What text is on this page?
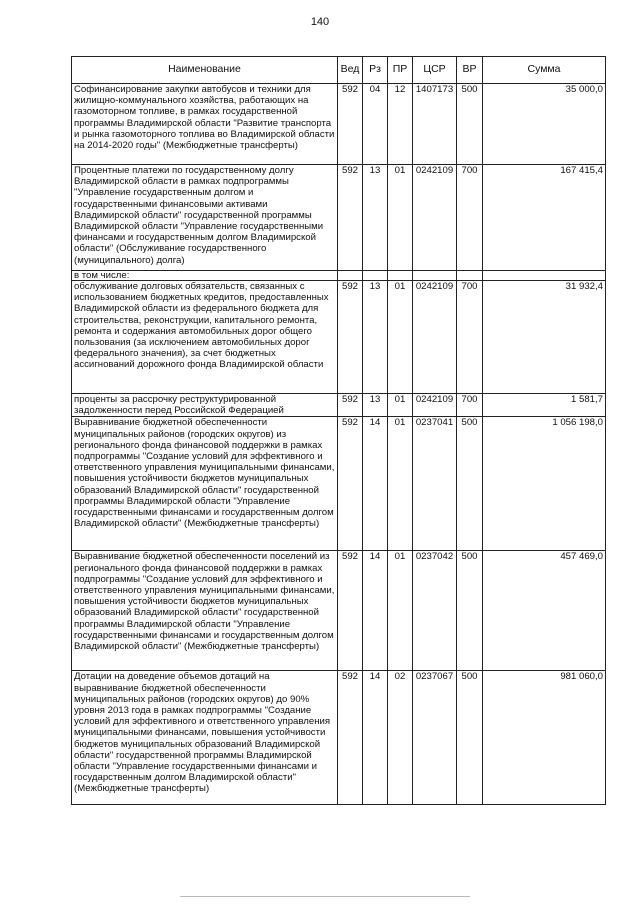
140
Наименование	Вед	Рз	ПР	ЦСР	ВР	Сумма
Софинансирование закупки автобусов и техники для жилищно-коммунального хозяйства, работающих на газомоторном топливе, в рамках государственной программы Владимирской области "Развитие транспорта и рынка газомоторного топлива во Владимирской области на 2014-2020 годы" (Межбюджетные трансферты)	592	04	12	1407173	500	35 000,0
Процентные платежи по государственному долгу Владимирской области в рамках подпрограммы "Управление государственным долгом и государственными финансовыми активами Владимирской области" государственной программы Владимирской области "Управление государственными финансами и государственным долгом Владимирской области" (Обслуживание государственного (муниципального) долга)	592	13	01	0242109	700	167 415,4
в том числе:						
обслуживание долговых обязательств, связанных с использованием бюджетных кредитов, предоставленных Владимирской области из федерального бюджета для строительства, реконструкции, капитального ремонта, ремонта и содержания автомобильных дорог общего пользования (за исключением автомобильных дорог федерального значения), за счет бюджетных ассигнований дорожного фонда Владимирской области	592	13	01	0242109	700	31 932,4
проценты за рассрочку реструктурированной задолженности перед Российской Федерацией	592	13	01	0242109	700	1 581,7
Выравнивание бюджетной обеспеченности муниципальных районов (городских округов) из регионального фонда финансовой поддержки в рамках подпрограммы "Создание условий для эффективного и ответственного управления муниципальными финансами, повышения устойчивости бюджетов муниципальных образований Владимирской области" государственной программы Владимирской области "Управление государственными финансами и государственным долгом Владимирской области" (Межбюджетные трансферты)	592	14	01	0237041	500	1 056 198,0
Выравнивание бюджетной обеспеченности поселений из регионального фонда финансовой поддержки в рамках подпрограммы "Создание условий для эффективного и ответственного управления муниципальными финансами, повышения устойчивости бюджетов муниципальных образований Владимирской области" государственной программы Владимирской области "Управление государственными финансами и государственным долгом Владимирской области" (Межбюджетные трансферты)	592	14	01	0237042	500	457 469,0
Дотации на доведение объемов дотаций на выравнивание бюджетной обеспеченности муниципальных районов (городских округов) до 90% уровня 2013 года в рамках подпрограммы "Создание условий для эффективного и ответственного управления муниципальными финансами, повышения устойчивости бюджетов муниципальных образований Владимирской области" государственной программы Владимирской области "Управление государственными финансами и государственным долгом Владимирской области" (Межбюджетные трансферты)	592	14	02	0237067	500	981 060,0
